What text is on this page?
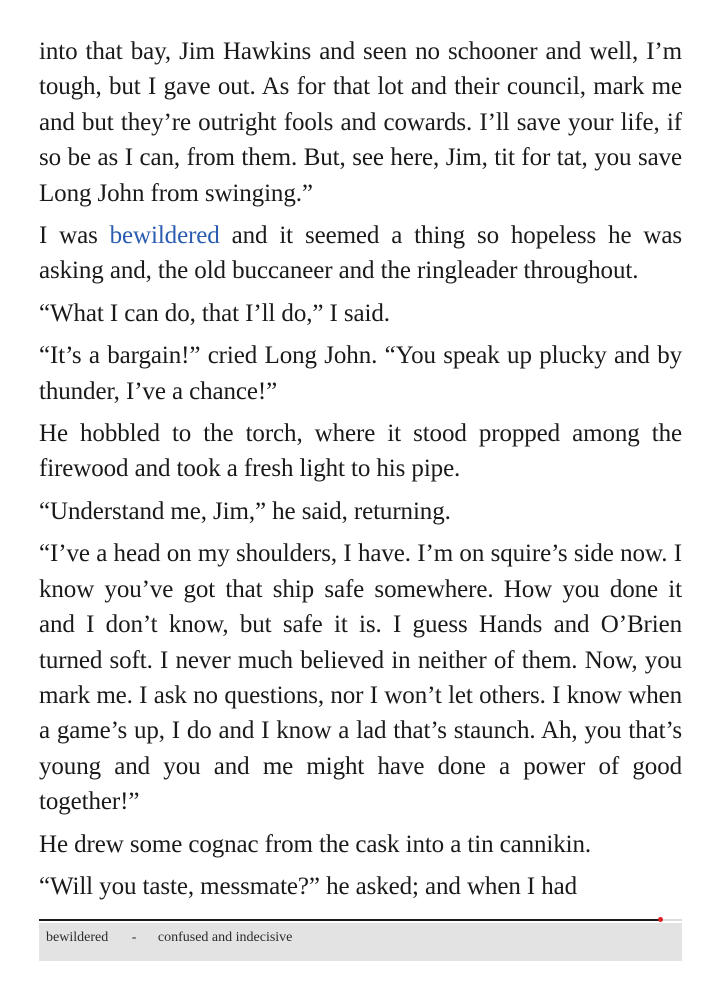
into that bay, Jim Hawkins and seen no schooner and well, I’m tough, but I gave out. As for that lot and their council, mark me and but they’re outright fools and cowards. I’ll save your life, if so be as I can, from them. But, see here, Jim, tit for tat, you save Long John from swinging.”

I was bewildered and it seemed a thing so hopeless he was asking and, the old buccaneer and the ringleader throughout.

“What I can do, that I’ll do,” I said.

“It’s a bargain!” cried Long John. “You speak up plucky and by thunder, I’ve a chance!”

He hobbled to the torch, where it stood propped among the firewood and took a fresh light to his pipe.

“Understand me, Jim,” he said, returning.

“I’ve a head on my shoulders, I have. I’m on squire’s side now. I know you’ve got that ship safe somewhere. How you done it and I don’t know, but safe it is. I guess Hands and O’Brien turned soft. I never much believed in neither of them. Now, you mark me. I ask no questions, nor I won’t let others. I know when a game’s up, I do and I know a lad that’s staunch. Ah, you that’s young and you and me might have done a power of good together!”

He drew some cognac from the cask into a tin cannikin.

“Will you taste, messmate?” he asked; and when I had

bewildered - confused and indecisive
